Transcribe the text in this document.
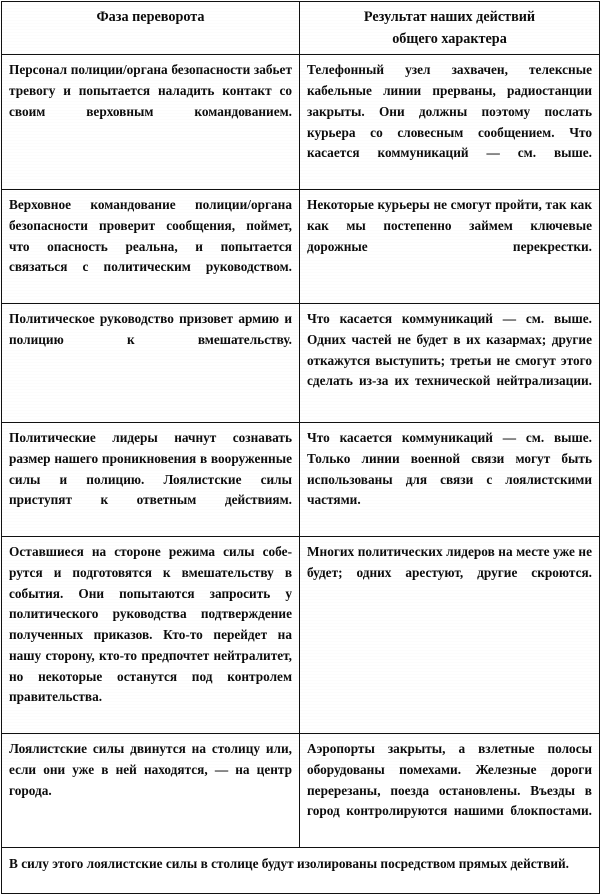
Фаза переворота	Результат наших действий
общего характера

Персонал полиции/органа безопасности забьет тревогу и попытается наладить контакт со своим верховным командованием.	Телефонный узел захвачен, телексные кабельные линии прерваны, радиостанции закрыты. Они должны поэтому послать курьера со словесным сообщением. Что касается коммуникаций — см. выше.

Верховное командование полиции/органа безопасности проверит сообщения, поймет, что опасность реальна, и попытается связаться с политическим руководством.	Некоторые курьеры не смогут пройти, так как как мы постепенно займем ключевые дорожные перекрестки.

Политическое руководство призовет армию и полицию к вмешательству.	Что касается коммуникаций — см. выше. Одних частей не будет в их казармах; другие откажутся выступить; третьи не смогут этого сделать из-за их технической нейтрализации.

Политические лидеры начнут сознавать размер нашего проникновения в вооруженные силы и полицию. Лоялистские силы приступят к ответным действиям.	Что касается коммуникаций — см. выше. Только линии военной связи могут быть использованы для связи с лоялистскими частями.

Оставшиеся на стороне режима силы соберутся и подготовятся к вмешательству в события. Они попытаются запросить у политического руководства подтверждение полученных приказов. Кто-то перейдет на нашу сторону, кто-то предпочтет нейтралитет, но некоторые останутся под контролем правительства.	Многих политических лидеров на месте уже не будет; одних арестуют, другие скроются.

Лоялистские силы двинутся на столицу или, если они уже в ней находятся, — на центр города.	Аэропорты закрыты, а взлетные полосы оборудованы помехами. Железные дороги перерезаны, поезда остановлены. Въезды в город контролируются нашими блокпостами.

В силу этого лоялистские силы в столице будут изолированы посредством прямых действий.	
